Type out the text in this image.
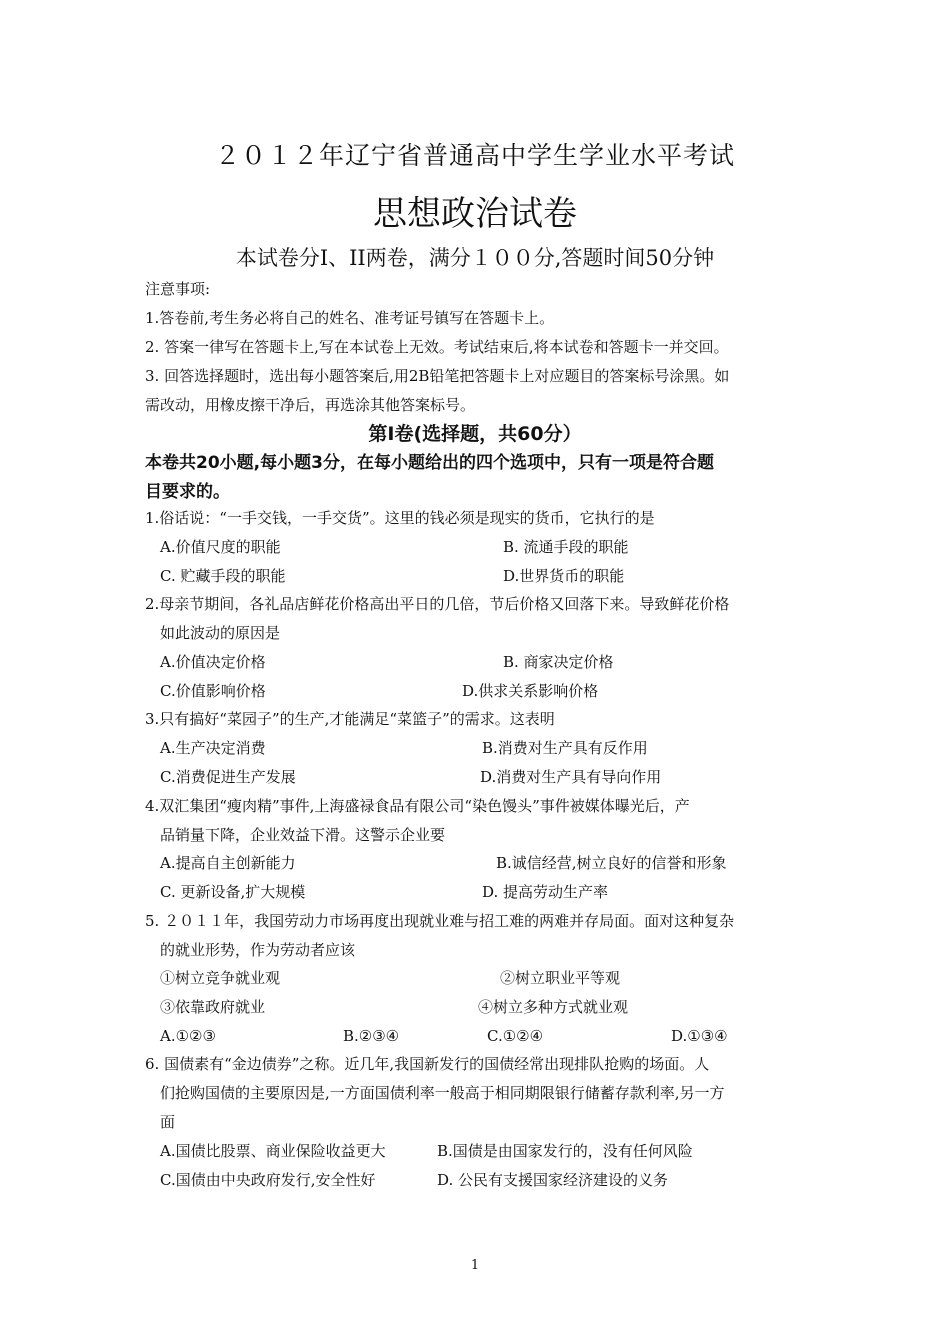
２０１２年辽宁省普通高中学生学业水平考试
思想政治试卷
本试卷分Ⅰ、II两卷，满分１００分,答题时间50分钟
注意事项:
1.答卷前,考生务必将自己的姓名、准考证号镇写在答题卡上。
2. 答案一律写在答题卡上,写在本试卷上无效。考试结束后,将本试卷和答题卡一并交回。
3. 回答选择题时，选出每小题答案后,用2B铅笔把答题卡上对应题目的答案标号涂黑。如
需改动，用橡皮擦干净后，再选涂其他答案标号。
第Ⅰ卷(选择题，共60分）
本卷共20小题,每小题3分，在每小题给出的四个选项中，只有一项是符合题
目要求的。
1.俗话说：“一手交钱，一手交货”。这里的钱必须是现实的货币，它执行的是
A.价值尺度的职能	B. 流通手段的职能
C. 贮藏手段的职能	D.世界货币的职能
2.母亲节期间，各礼品店鲜花价格高出平日的几倍，节后价格又回落下来。导致鲜花价格
如此波动的原因是
A.价值决定价格	B. 商家决定价格
C.价值影响价格	D.供求关系影响价格
3.只有搞好“菜园子”的生产,才能满足“菜篮子”的需求。这表明
A.生产决定消费	B.消费对生产具有反作用
C.消费促进生产发展	D.消费对生产具有导向作用
4.双汇集团“瘦肉精”事件,上海盛禄食品有限公司“染色馒头”事件被媒体曝光后，产
品销量下降，企业效益下滑。这警示企业要
A.提高自主创新能力	B.诚信经营,树立良好的信誉和形象
C. 更新设备,扩大规模	D. 提高劳动生产率
5. ２０１１年，我国劳动力市场再度出现就业难与招工难的两难并存局面。面对这种复杂
的就业形势，作为劳动者应该
①树立竞争就业观	②树立职业平等观
③依靠政府就业	④树立多种方式就业观
A.①②③	B.②③④	C.①②④	D.①③④
6. 国债素有“金边债券”之称。近几年,我国新发行的国债经常出现排队抢购的场面。人
们抢购国债的主要原因是,一方面国债利率一般高于相同期限银行储蓄存款利率,另一方
面
A.国债比股票、商业保险收益更大	B.国债是由国家发行的，没有任何风险
C.国债由中央政府发行,安全性好	D. 公民有支援国家经济建设的义务
1
